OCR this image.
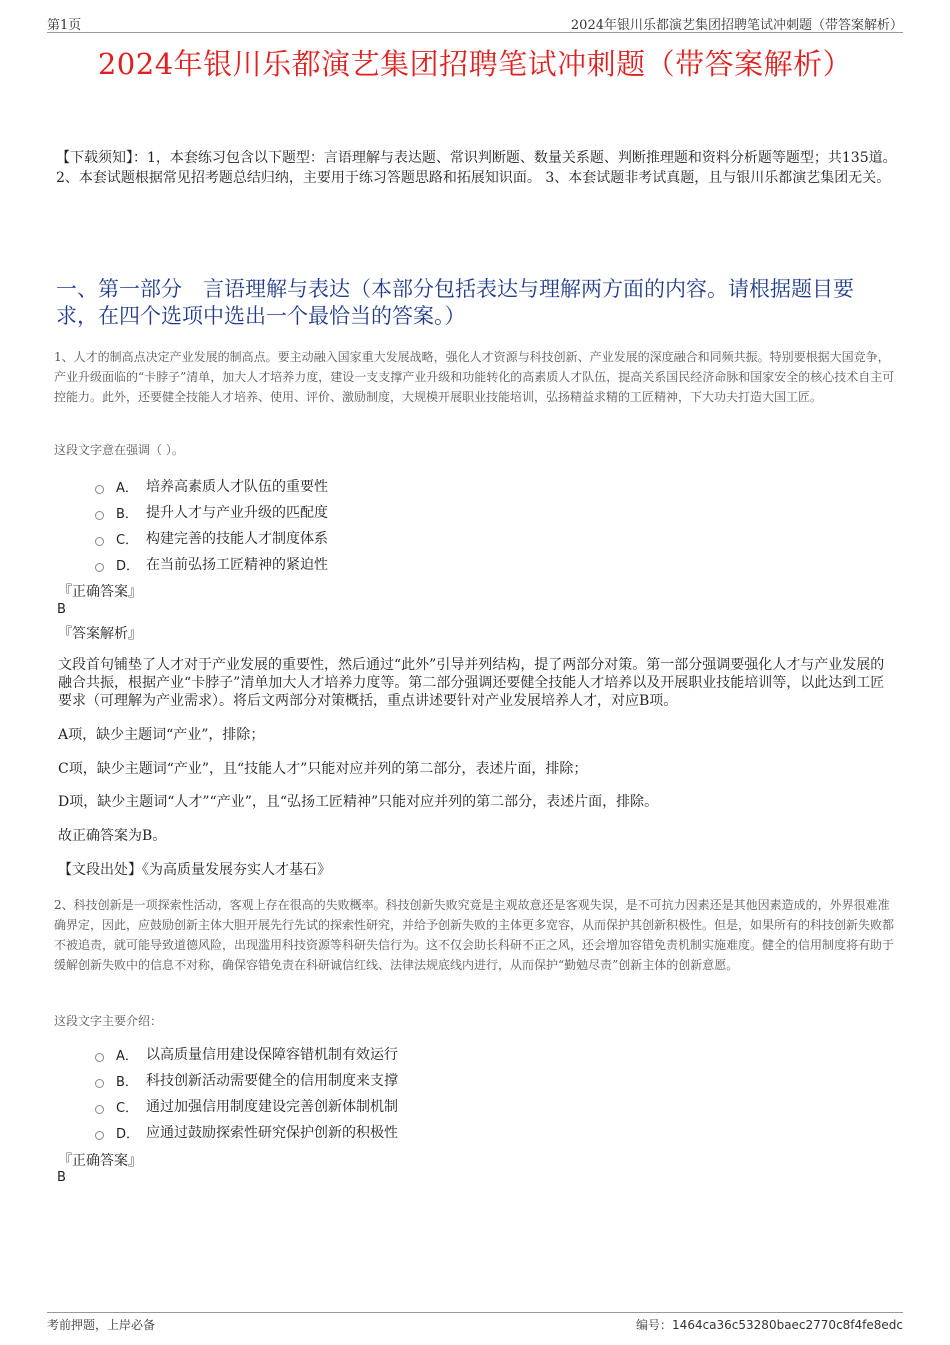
第1页	2024年银川乐都演艺集团招聘笔试冲刺题（带答案解析）
2024年银川乐都演艺集团招聘笔试冲刺题（带答案解析）
【下载须知】：1，本套练习包含以下题型：言语理解与表达题、常识判断题、数量关系题、判断推理题和资料分析题等题型；共135道。 2、本套试题根据常见招考题总结归纳，主要用于练习答题思路和拓展知识面。 3、本套试题非考试真题，且与银川乐都演艺集团无关。
一、第一部分　言语理解与表达（本部分包括表达与理解两方面的内容。请根据题目要求，在四个选项中选出一个最恰当的答案。）
1、人才的制高点决定产业发展的制高点。要主动融入国家重大发展战略，强化人才资源与科技创新、产业发展的深度融合和同频共振。特别要根据大国竞争，产业升级面临的“卡脖子”清单，加大人才培养力度，建设一支支撑产业升级和功能转化的高素质人才队伍，提高关系国民经济命脉和国家安全的核心技术自主可控能力。此外，还要健全技能人才培养、使用、评价、激励制度，大规模开展职业技能培训，弘扬精益求精的工匠精神，下大功夫打造大国工匠。
这段文字意在强调（ ）。
A． 培养高素质人才队伍的重要性
B． 提升人才与产业升级的匹配度
C． 构建完善的技能人才制度体系
D． 在当前弘扬工匠精神的紧迫性
『正确答案』
B
『答案解析』
文段首句铺垫了人才对于产业发展的重要性，然后通过“此外”引导并列结构，提了两部分对策。第一部分强调要强化人才与产业发展的融合共振，根据产业“卡脖子”清单加大人才培养力度等。第二部分强调还要健全技能人才培养以及开展职业技能培训等，以此达到工匠要求（可理解为产业需求）。将后文两部分对策概括，重点讲述要针对产业发展培养人才，对应B项。
A项，缺少主题词“产业”，排除；
C项，缺少主题词“产业”，且“技能人才”只能对应并列的第二部分，表述片面，排除；
D项，缺少主题词“人才”“产业”，且“弘扬工匠精神”只能对应并列的第二部分，表述片面，排除。
故正确答案为B。
【文段出处】《为高质量发展夯实人才基石》
2、科技创新是一项探索性活动，客观上存在很高的失败概率。科技创新失败究竟是主观故意还是客观失误，是不可抗力因素还是其他因素造成的，外界很难准确界定，因此，应鼓励创新主体大胆开展先行先试的探索性研究，并给予创新失败的主体更多宽容，从而保护其创新积极性。但是，如果所有的科技创新失败都不被追责，就可能导致道德风险，出现滥用科技资源等科研失信行为。这不仅会助长科研不正之风，还会增加容错免责机制实施难度。健全的信用制度将有助于缓解创新失败中的信息不对称，确保容错免责在科研诚信红线、法律法规底线内进行，从而保护“勤勉尽责”创新主体的创新意愿。
这段文字主要介绍：
A． 以高质量信用建设保障容错机制有效运行
B． 科技创新活动需要健全的信用制度来支撑
C． 通过加强信用制度建设完善创新体制机制
D． 应通过鼓励探索性研究保护创新的积极性
『正确答案』
B
考前押题，上岸必备	编号：1464ca36c53280baec2770c8f4fe8edc
